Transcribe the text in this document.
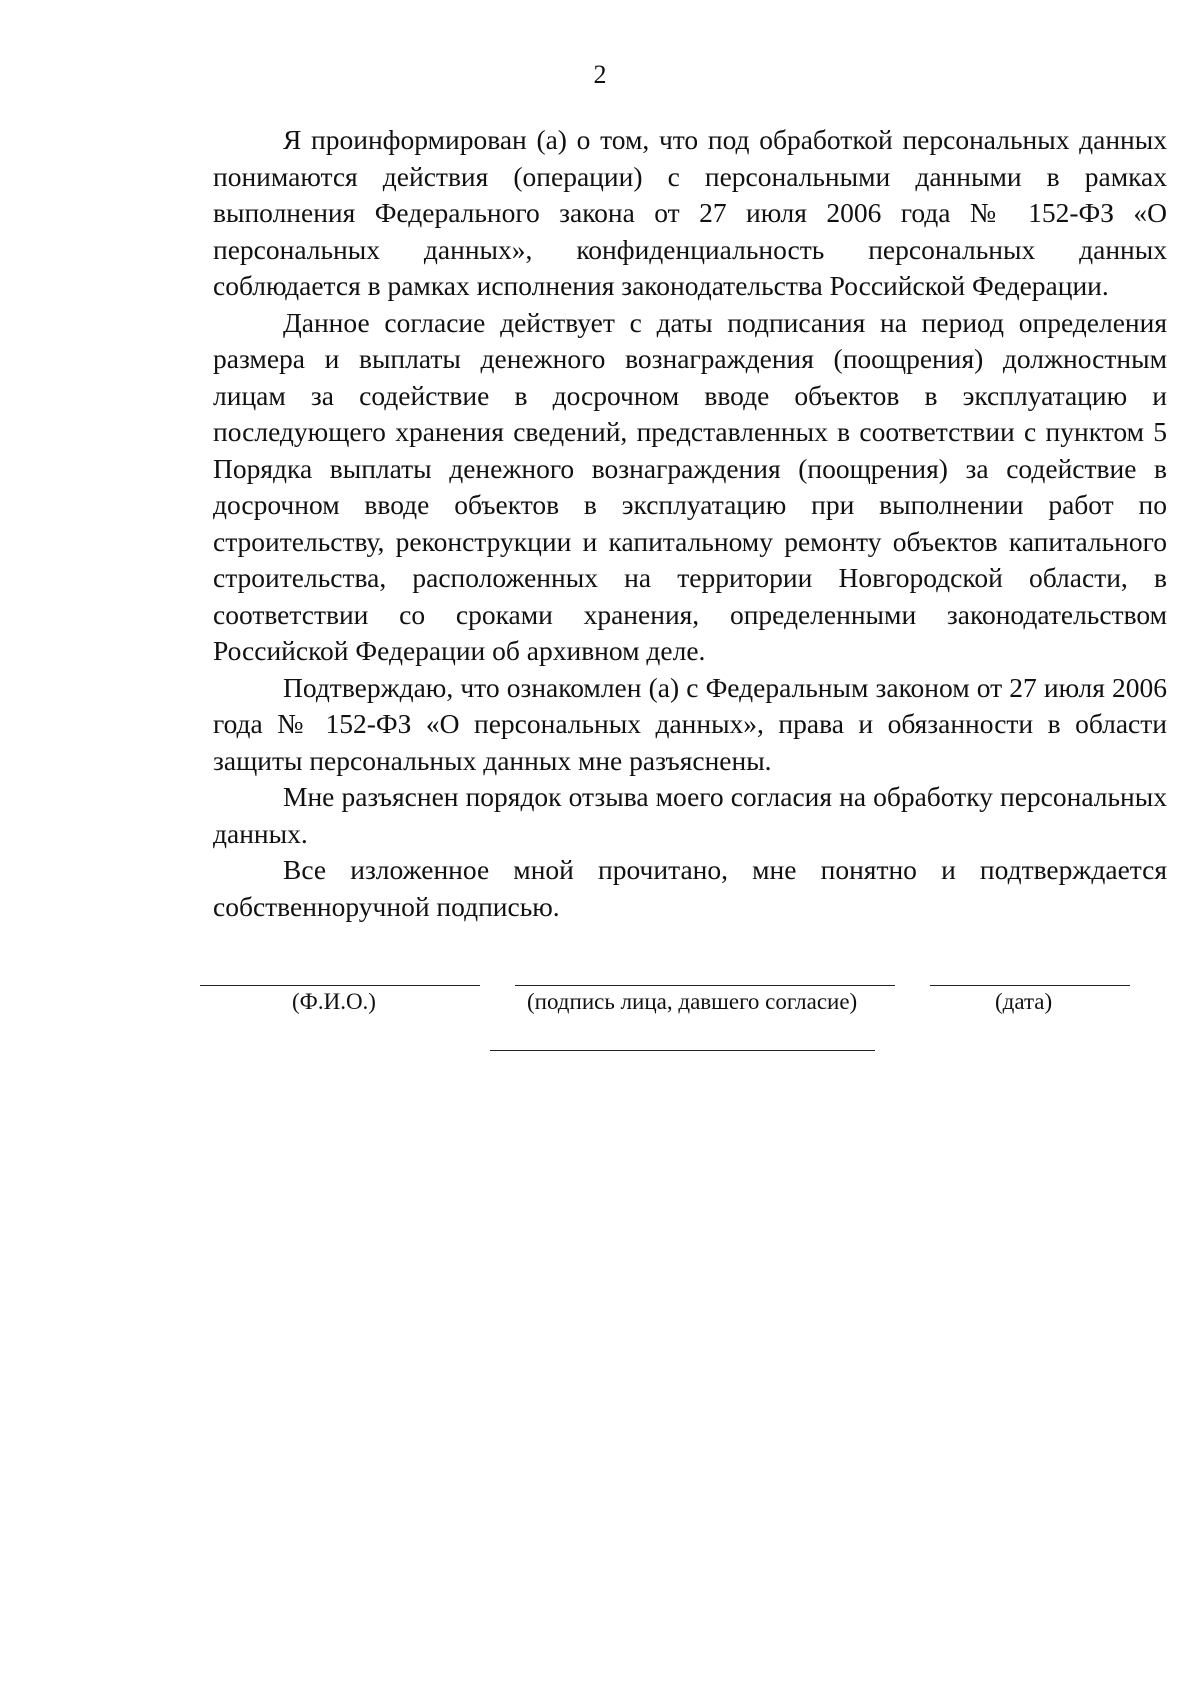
2

Я проинформирован (а) о том, что под обработкой персональных данных понимаются действия (операции) с персональными данными в рамках выполнения Федерального закона от 27 июля 2006 года № 152-ФЗ «О персональных данных», конфиденциальность персональных данных соблюдается в рамках исполнения законодательства Российской Федерации.

Данное согласие действует с даты подписания на период определения размера и выплаты денежного вознаграждения (поощрения) должностным лицам за содействие в досрочном вводе объектов в эксплуатацию и последующего хранения сведений, представленных в соответствии с пунктом 5 Порядка выплаты денежного вознаграждения (поощрения) за содействие в досрочном вводе объектов в эксплуатацию при выполнении работ по строительству, реконструкции и капитальному ремонту объектов капитального строительства, расположенных на территории Новгородской области, в соответствии со сроками хранения, определенными законодательством Российской Федерации об архивном деле.

Подтверждаю, что ознакомлен (а) с Федеральным законом от 27 июля 2006 года № 152-ФЗ «О персональных данных», права и обязанности в области защиты персональных данных мне разъяснены.

Мне разъяснен порядок отзыва моего согласия на обработку персональных данных.

Все изложенное мной прочитано, мне понятно и подтверждается собственноручной подписью.

(Ф.И.О.)	(подпись лица, давшего согласие)	(дата)
